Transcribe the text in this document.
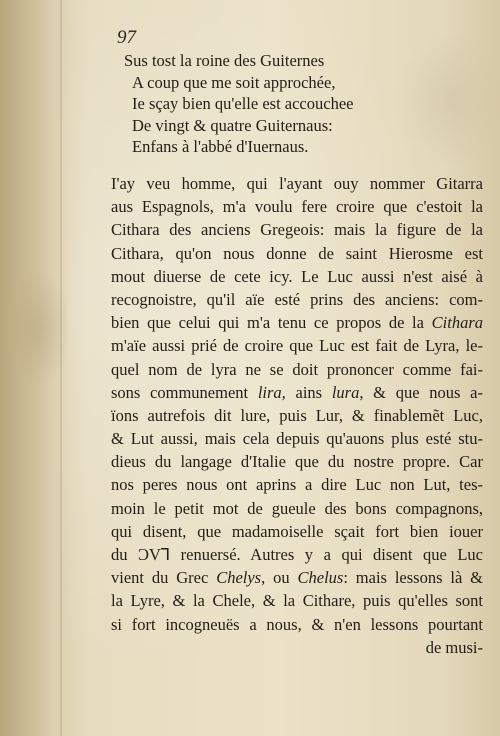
97
Sus tost la roine des Guiternes
A coup que me soit approchée,
Ie sçay bien qu'elle est accouchee
De vingt & quatre Guiternaus:
Enfans à l'abbé d'Iuernaus.
I'ay veu homme, qui l'ayant ouy nommer Gitarra
aus Espagnols, m'a voulu fere croire que c'estoit la
Cithara des anciens Gregeois: mais la figure de la
Cithara, qu'on nous donne de saint Hierosme est
mout diuerse de cete icy. Le Luc aussi n'est aisé à
recognoistre, qu'il aïe esté prins des anciens: com-
bien que celui qui m'a tenu ce propos de la Cithara
m'aïe aussi prié de croire que Luc est fait de Lyra, le-
quel nom de lyra ne se doit prononcer comme fai-
sons communement lira, ains lura, & que nous a-
ïons autrefois dit lure, puis Lur, & finablemẽt Luc,
& Lut aussi, mais cela depuis qu'auons plus esté stu-
dieus du langage d'Italie que du nostre propre. Car
nos peres nous ont aprins a dire Luc non Lut, tes-
moin le petit mot de gueule des bons compagnons,
qui disent, que madamoiselle sçait fort bien iouer
du ϽVꓶ renuersé. Autres y a qui disent que Luc
vient du Grec Chelys, ou Chelus: mais lessons là &
la Lyre, & la Chele, & la Cithare, puis qu'elles sont
si fort incogneuës a nous, & n'en lessons pourtant
de musi-
